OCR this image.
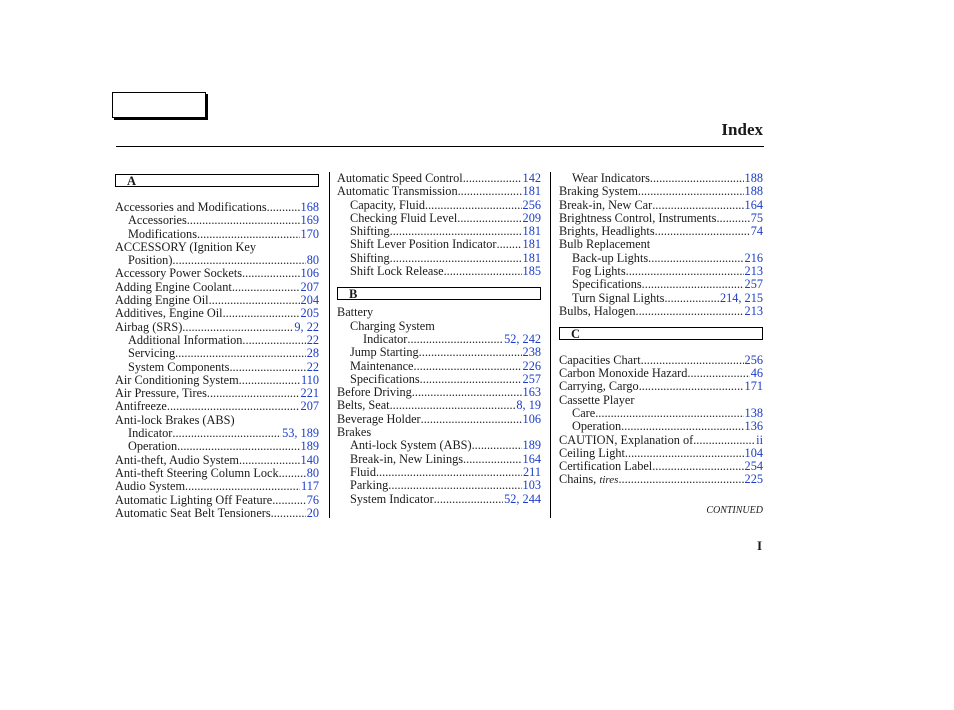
Index
A
Accessories and Modifications .....	168
Accessories .....	169
Modifications .....	170
ACCESSORY (Ignition Key
Position) .....	80
Accessory Power Sockets .....	106
Adding Engine Coolant .....	207
Adding Engine Oil .....	204
Additives, Engine Oil .....	205
Airbag (SRS) .....	9, 22
Additional Information .....	22
Servicing .....	28
System Components .....	22
Air Conditioning System .....	110
Air Pressure, Tires .....	221
Antifreeze .....	207
Anti-lock Brakes (ABS)
Indicator .....	53, 189
Operation .....	189
Anti-theft, Audio System .....	140
Anti-theft Steering Column Lock ..... 80
Audio System .....	117
Automatic Lighting Off Feature .....	76
Automatic Seat Belt Tensioners .....	20
Automatic Speed Control .....	142
Automatic Transmission .....	181
Capacity, Fluid .....	256
Checking Fluid Level .....	209
Shifting .....	181
Shift Lever Position Indicator ..... 181
Shifting .....	181
Shift Lock Release .....	185
B
Battery
Charging System
Indicator .....	52, 242
Jump Starting .....	238
Maintenance .....	226
Specifications .....	257
Before Driving .....	163
Belts, Seat .....	8, 19
Beverage Holder .....	106
Brakes
Anti-lock System (ABS) .....	189
Break-in, New Linings .....	164
Fluid .....	211
Parking .....	103
System Indicator .....	52, 244
Wear Indicators .....	188
Braking System .....	188
Break-in, New Car .....	164
Brightness Control, Instruments .....	75
Brights, Headlights .....	74
Bulb Replacement
Back-up Lights .....	216
Fog Lights .....	213
Specifications .....	257
Turn Signal Lights .....	214, 215
Bulbs, Halogen .....	213
C
Capacities Chart .....	256
Carbon Monoxide Hazard .....	46
Carrying, Cargo .....	171
Cassette Player
Care .....	138
Operation .....	136
CAUTION, Explanation of .....	ii
Ceiling Light .....	104
Certification Label .....	254
Chains, tires .....	225
CONTINUED
I
